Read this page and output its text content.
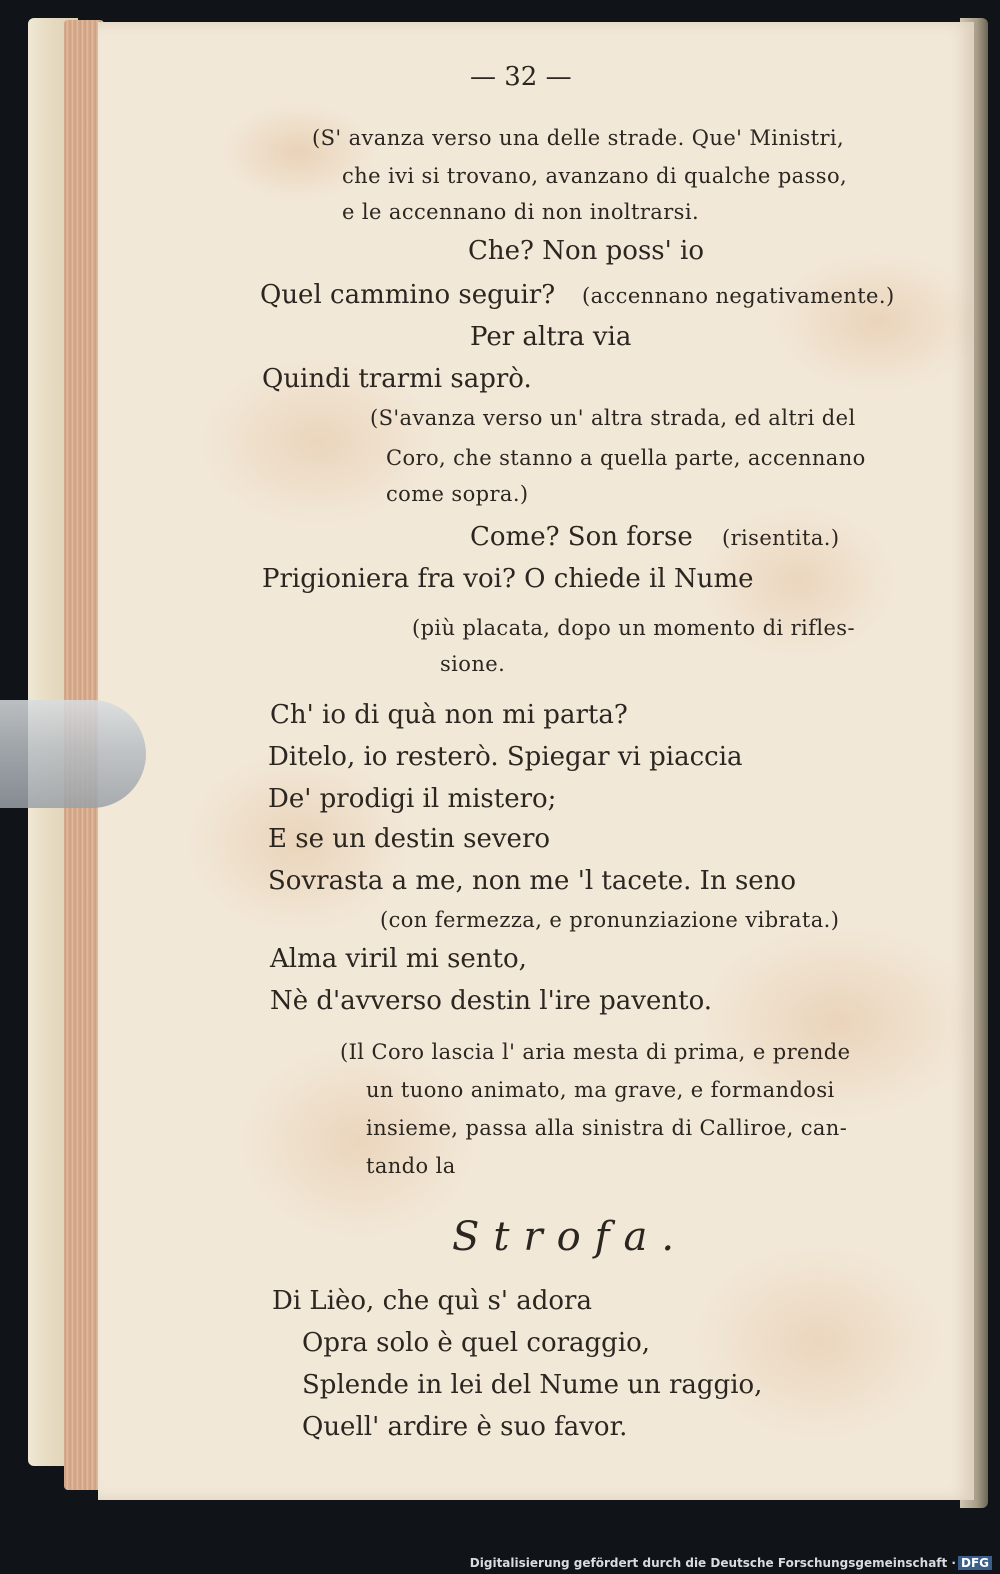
— 32 —
(S' avanza verso una delle strade. Que' Ministri,
che ivi si trovano, avanzano di qualche passo,
e le accennano di non inoltrarsi.
Che? Non poss' io
Quel cammino seguir? (accennano negativamente.)
Per altra via
Quindi trarmi saprò.
(S'avanza verso un' altra strada, ed altri del
Coro, che stanno a quella parte, accennano
come sopra.)
Come? Son forse (risentita.)
Prigioniera fra voi? O chiede il Nume
(più placata, dopo un momento di rifles-
sione.
Ch' io di quà non mi parta?
Ditelo, io resterò. Spiegar vi piaccia
De' prodigi il mistero;
E se un destin severo
Sovrasta a me, non me 'l tacete. In seno
(con fermezza, e pronunziazione vibrata.)
Alma viril mi sento,
Nè d'avverso destin l'ire pavento.
(Il Coro lascia l' aria mesta di prima, e prende
un tuono animato, ma grave, e formandosi
insieme, passa alla sinistra di Calliroe, can-
tando la
Strofa.
Di Lièo, che quì s' adora
Opra solo è quel coraggio,
Splende in lei del Nume un raggio,
Quell' ardire è suo favor.
Digitalisierung gefördert durch die Deutsche Forschungsgemeinschaft · DFG
